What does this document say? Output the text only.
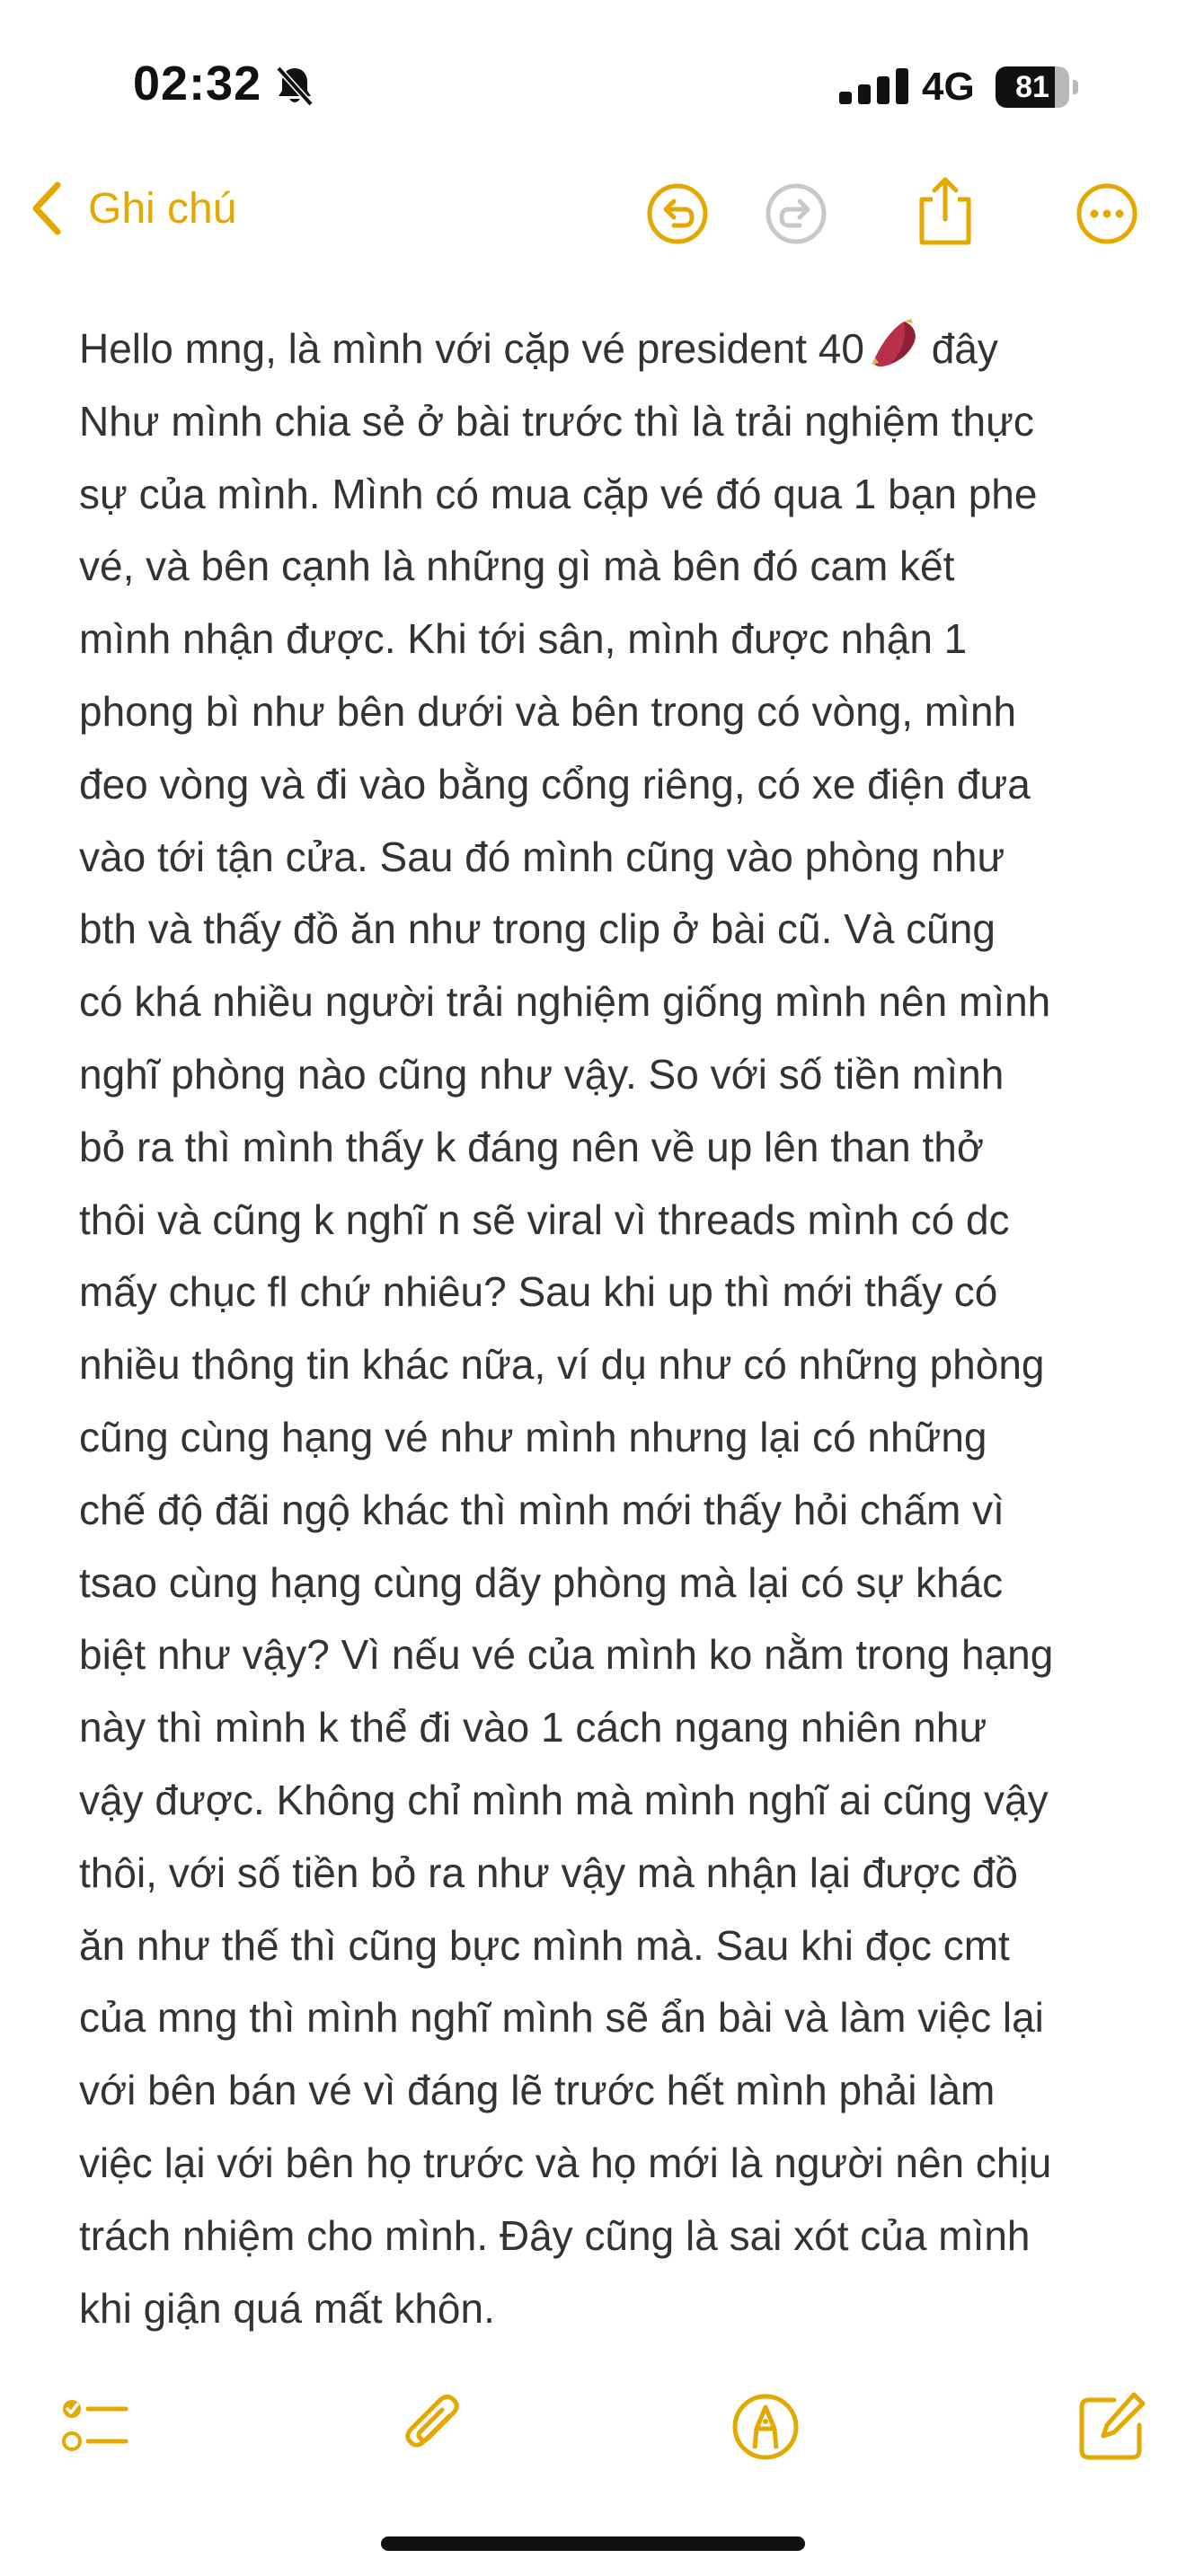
02:32	4G	81
Ghi chú
Hello mng, là mình với cặp vé president 40 đây
Như mình chia sẻ ở bài trước thì là trải nghiệm thực
sự của mình. Mình có mua cặp vé đó qua 1 bạn phe
vé, và bên cạnh là những gì mà bên đó cam kết
mình nhận được. Khi tới sân, mình được nhận 1
phong bì như bên dưới và bên trong có vòng, mình
đeo vòng và đi vào bằng cổng riêng, có xe điện đưa
vào tới tận cửa. Sau đó mình cũng vào phòng như
bth và thấy đồ ăn như trong clip ở bài cũ. Và cũng
có khá nhiều người trải nghiệm giống mình nên mình
nghĩ phòng nào cũng như vậy. So với số tiền mình
bỏ ra thì mình thấy k đáng nên về up lên than thở
thôi và cũng k nghĩ n sẽ viral vì threads mình có dc
mấy chục fl chứ nhiêu? Sau khi up thì mới thấy có
nhiều thông tin khác nữa, ví dụ như có những phòng
cũng cùng hạng vé như mình nhưng lại có những
chế độ đãi ngộ khác thì mình mới thấy hỏi chấm vì
tsao cùng hạng cùng dãy phòng mà lại có sự khác
biệt như vậy? Vì nếu vé của mình ko nằm trong hạng
này thì mình k thể đi vào 1 cách ngang nhiên như
vậy được. Không chỉ mình mà mình nghĩ ai cũng vậy
thôi, với số tiền bỏ ra như vậy mà nhận lại được đồ
ăn như thế thì cũng bực mình mà. Sau khi đọc cmt
của mng thì mình nghĩ mình sẽ ẩn bài và làm việc lại
với bên bán vé vì đáng lẽ trước hết mình phải làm
việc lại với bên họ trước và họ mới là người nên chịu
trách nhiệm cho mình. Đây cũng là sai xót của mình
khi giận quá mất khôn.
